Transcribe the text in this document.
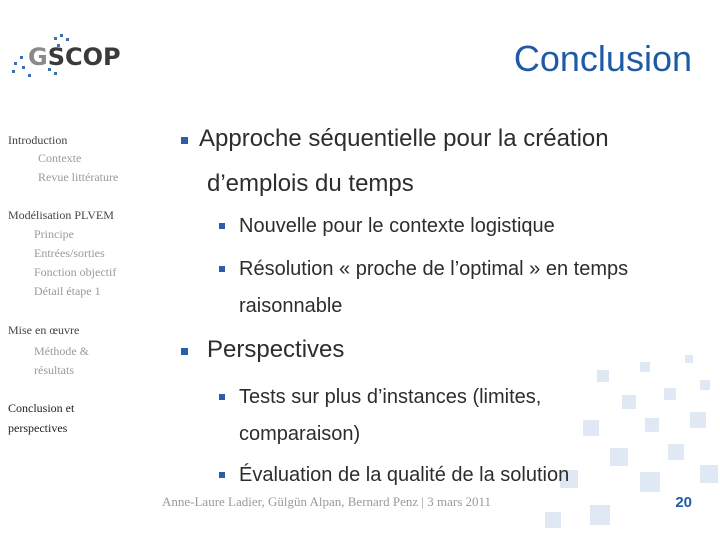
GSCOP	Conclusion
Introduction
Contexte
Revue littérature
Modélisation PLVEM
Principe
Entrées/sorties
Fonction objectif
Détail étape 1
Mise en œuvre
Méthode &
résultats
Conclusion et
perspectives
Approche séquentielle pour la création
d’emplois du temps
Nouvelle pour le contexte logistique
Résolution « proche de l’optimal » en temps
raisonnable
Perspectives
Tests sur plus d’instances (limites,
comparaison)
Évaluation de la qualité de la solution
Anne-Laure Ladier, Gülgün Alpan, Bernard Penz | 3 mars 2011	20
